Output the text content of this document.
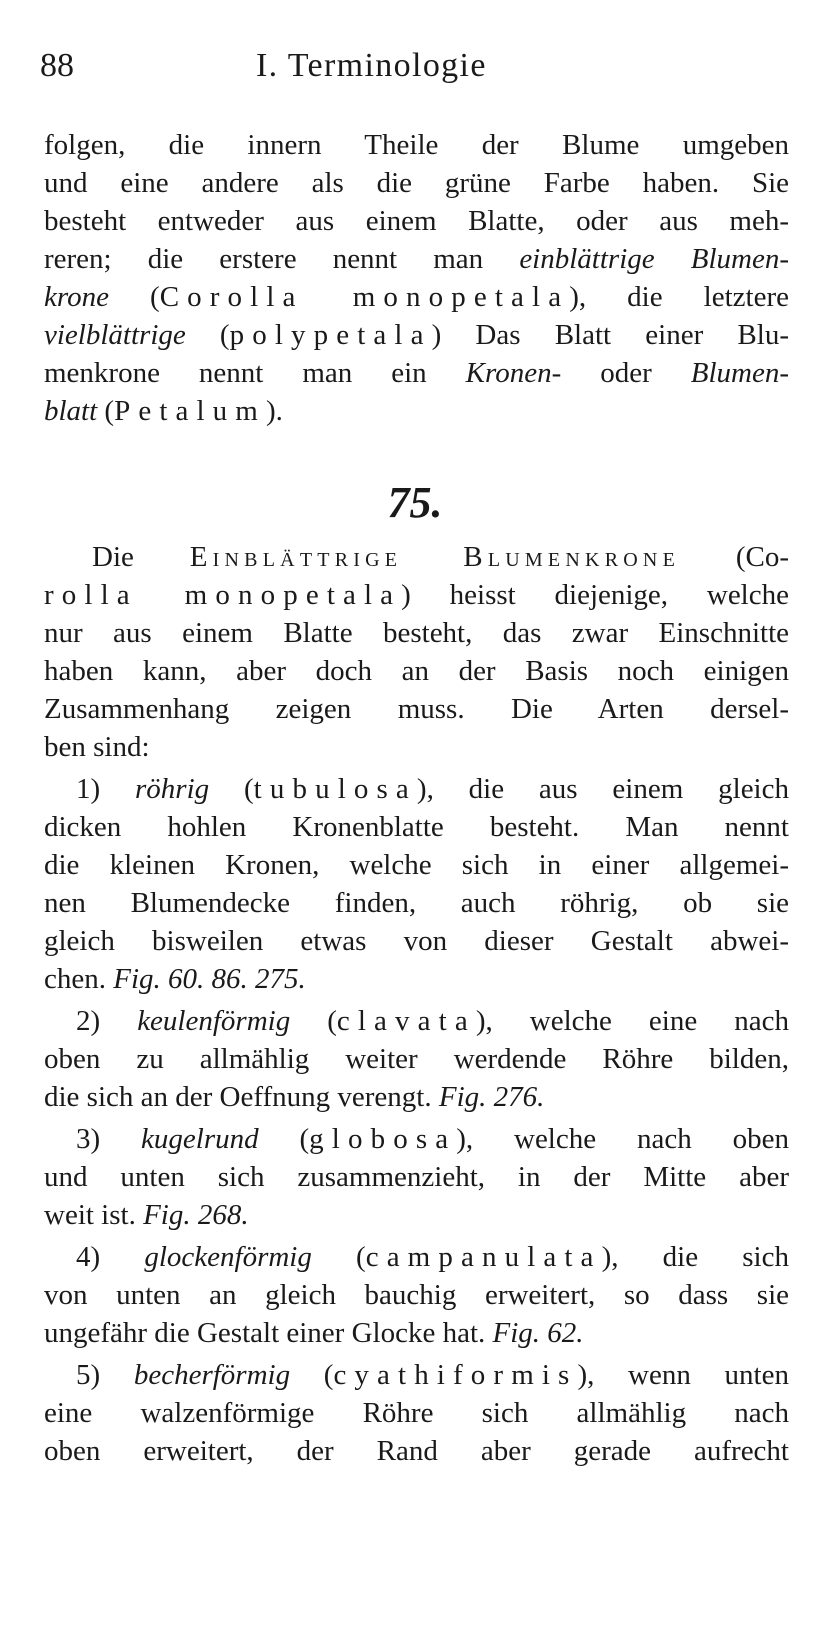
88	I. Terminologie
folgen, die innern Theile der Blume umgeben
und eine andere als die grüne Farbe haben. Sie
besteht entweder aus einem Blatte, oder aus meh-
reren; die erstere nennt man einblättrige Blumen-
krone (Corolla monopetala), die letztere
vielblättrige (polypetala) Das Blatt einer Blu-
menkrone nennt man ein Kronen- oder Blumen-
blatt (Petalum).
75.
Die Einblättrige Blumenkrone (Co-
rolla monopetala) heisst diejenige, welche
nur aus einem Blatte besteht, das zwar Einschnitte
haben kann, aber doch an der Basis noch einigen
Zusammenhang zeigen muss. Die Arten dersel-
ben sind:
1) röhrig (tubulosa), die aus einem gleich
dicken hohlen Kronenblatte besteht. Man nennt
die kleinen Kronen, welche sich in einer allgemei-
nen Blumendecke finden, auch röhrig, ob sie
gleich bisweilen etwas von dieser Gestalt abwei-
chen. Fig. 60. 86. 275.
2) keulenförmig (clavata), welche eine nach
oben zu allmählig weiter werdende Röhre bilden,
die sich an der Oeffnung verengt. Fig. 276.
3) kugelrund (globosa), welche nach oben
und unten sich zusammenzieht, in der Mitte aber
weit ist. Fig. 268.
4) glockenförmig (campanulata), die sich
von unten an gleich bauchig erweitert, so dass sie
ungefähr die Gestalt einer Glocke hat. Fig. 62.
5) becherförmig (cyathiformis), wenn unten
eine walzenförmige Röhre sich allmählig nach
oben erweitert, der Rand aber gerade aufrecht
